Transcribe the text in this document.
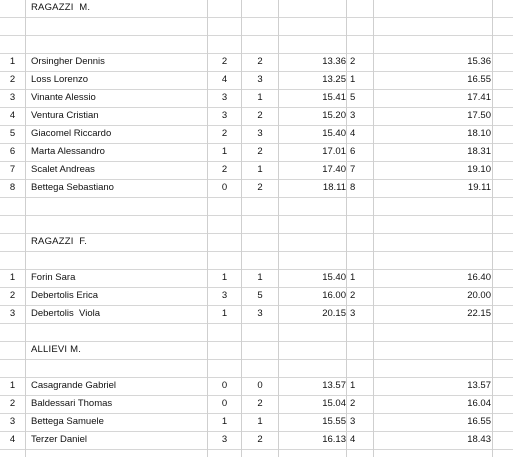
RAGAZZI  M.
1	Orsingher Dennis	2	2	13.36 2	15.36
2	Loss Lorenzo	4	3	13.25 1	16.55
3	Vinante Alessio	3	1	15.41 5	17.41
4	Ventura Cristian	3	2	15.20 3	17.50
5	Giacomel Riccardo	2	3	15.40 4	18.10
6	Marta Alessandro	1	2	17.01 6	18.31
7	Scalet Andreas	2	1	17.40 7	19.10
8	Bettega Sebastiano	0	2	18.11 8	19.11
RAGAZZI  F.
1	Forin Sara	1	1	15.40 1	16.40
2	Debertolis Erica	3	5	16.00 2	20.00
3	Debertolis  Viola	1	3	20.15 3	22.15
ALLIEVI M.
1	Casagrande Gabriel	0	0	13.57 1	13.57
2	Baldessari Thomas	0	2	15.04 2	16.04
3	Bettega Samuele	1	1	15.55 3	16.55
4	Terzer Daniel	3	2	16.13 4	18.43
